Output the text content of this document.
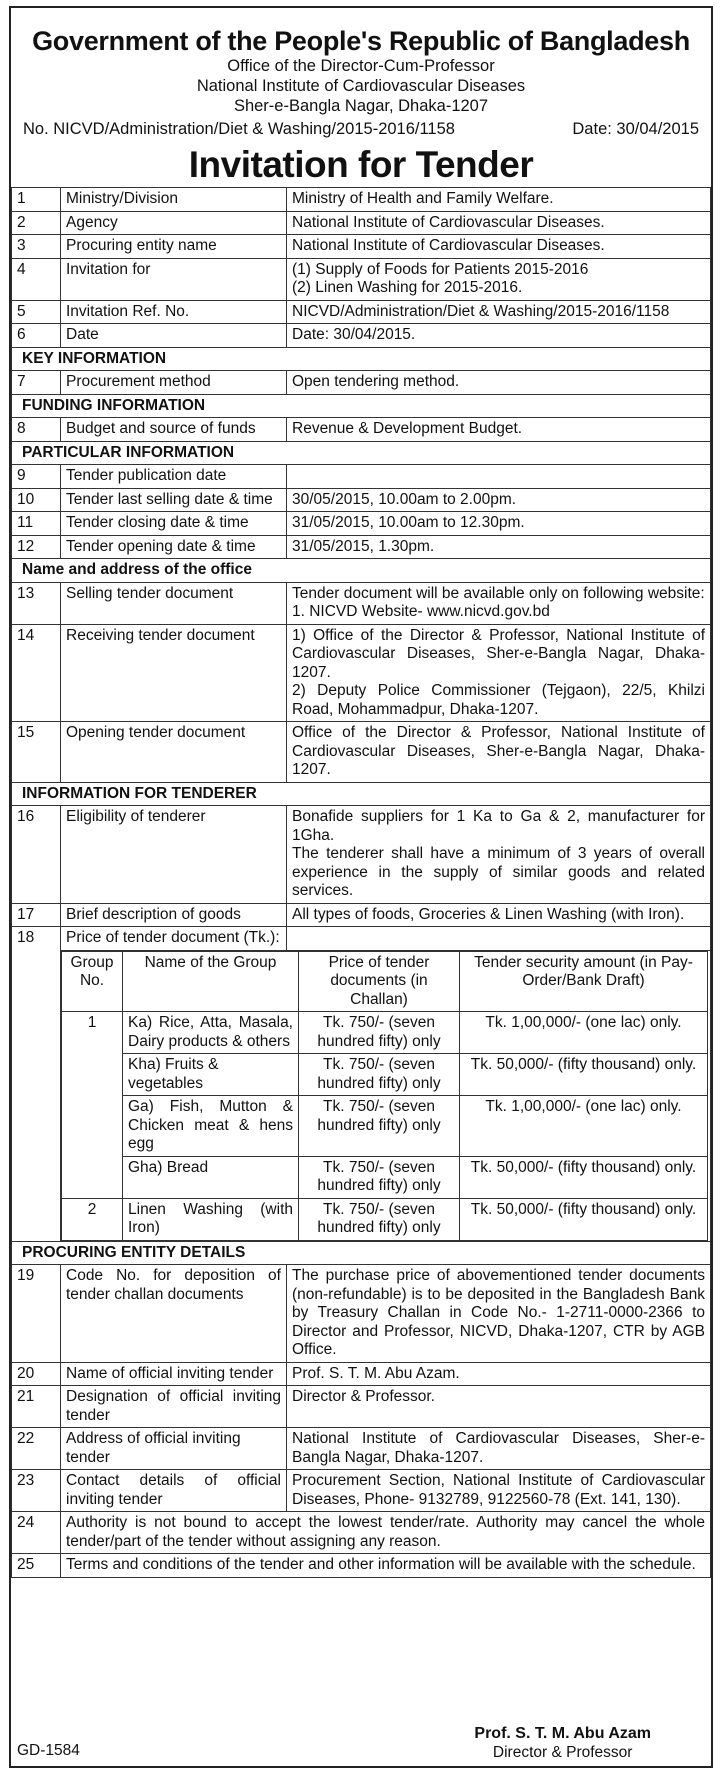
Government of the People's Republic of Bangladesh
Office of the Director-Cum-Professor
National Institute of Cardiovascular Diseases
Sher-e-Bangla Nagar, Dhaka-1207
No. NICVD/Administration/Diet & Washing/2015-2016/1158	Date: 30/04/2015
Invitation for Tender
1	Ministry/Division	Ministry of Health and Family Welfare.
2	Agency	National Institute of Cardiovascular Diseases.
3	Procuring entity name	National Institute of Cardiovascular Diseases.
4	Invitation for	(1) Supply of Foods for Patients 2015-2016
(2) Linen Washing for 2015-2016.

5	Invitation Ref. No.	NICVD/Administration/Diet & Washing/2015-2016/1158
6	Date	Date: 30/04/2015.
KEY INFORMATION
7	Procurement method	Open tendering method.
FUNDING INFORMATION
8	Budget and source of funds	Revenue & Development Budget.
PARTICULAR INFORMATION
9	Tender publication date	
10	Tender last selling date & time	30/05/2015, 10.00am to 2.00pm.
11	Tender closing date & time	31/05/2015, 10.00am to 12.30pm.
12	Tender opening date & time	31/05/2015, 1.30pm.
Name and address of the office
13	Selling tender document	Tender document will be available only on following website:
1. NICVD Website- www.nicvd.gov.bd

14	Receiving tender document	1) Office of the Director & Professor, National Institute of Cardiovascular Diseases, Sher-e-Bangla Nagar, Dhaka-1207.
2) Deputy Police Commissioner (Tejgaon), 22/5, Khilzi Road, Mohammadpur, Dhaka-1207.

15	Opening tender document	Office of the Director & Professor, National Institute of Cardiovascular Diseases, Sher-e-Bangla Nagar, Dhaka-1207.
INFORMATION FOR TENDERER
16	Eligibility of tenderer	Bonafide suppliers for 1 Ka to Ga & 2, manufacturer for 1Gha.
The tenderer shall have a minimum of 3 years of overall experience in the supply of similar goods and related services.

17	Brief description of goods	All types of foods, Groceries & Linen Washing (with Iron).
18	Price of tender document (Tk.):	

Group No.	Name of the Group	Price of tender documents (in Challan)	Tender security amount (in Pay-Order/Bank Draft)
1	Ka) Rice, Atta, Masala, Dairy products & others	Tk. 750/- (seven hundred fifty) only	Tk. 1,00,000/- (one lac) only.
Kha) Fruits & vegetables	Tk. 750/- (seven hundred fifty) only	Tk. 50,000/- (fifty thousand) only.
Ga) Fish, Mutton & Chicken meat & hens egg	Tk. 750/- (seven hundred fifty) only	Tk. 1,00,000/- (one lac) only.
Gha) Bread	Tk. 750/- (seven hundred fifty) only	Tk. 50,000/- (fifty thousand) only.
2	Linen Washing (with Iron)	Tk. 750/- (seven hundred fifty) only	Tk. 50,000/- (fifty thousand) only.

PROCURING ENTITY DETAILS
19	Code No. for deposition of tender challan documents	The purchase price of abovementioned tender documents (non-refundable) is to be deposited in the Bangladesh Bank by Treasury Challan in Code No.- 1-2711-0000-2366 to Director and Professor, NICVD, Dhaka-1207, CTR by AGB Office.
20	Name of official inviting tender	Prof. S. T. M. Abu Azam.
21	Designation of official inviting tender	Director & Professor.
22	Address of official inviting tender	National Institute of Cardiovascular Diseases, Sher-e-Bangla Nagar, Dhaka-1207.
23	Contact details of official inviting tender	Procurement Section, National Institute of Cardiovascular Diseases, Phone- 9132789, 9122560-78 (Ext. 141, 130).
24	Authority is not bound to accept the lowest tender/rate. Authority may cancel the whole tender/part of the tender without assigning any reason.
25	Terms and conditions of the tender and other information will be available with the schedule.
GD-1584
Prof. S. T. M. Abu Azam
Director & Professor
